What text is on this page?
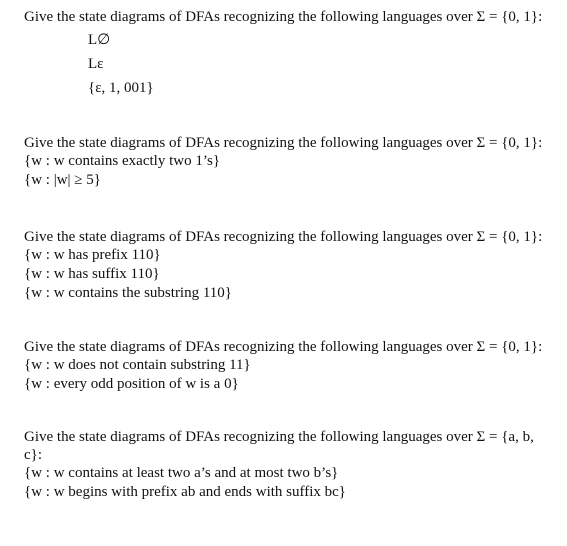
Give the state diagrams of DFAs recognizing the following languages over Σ = {0, 1}:

L∅
Lε
{ε, 1, 001}

Give the state diagrams of DFAs recognizing the following languages over Σ = {0, 1}:

{w : w contains exactly two 1’s}
{w : |w| ≥ 5}

Give the state diagrams of DFAs recognizing the following languages over Σ = {0, 1}:

{w : w has prefix 110}
{w : w has suffix 110}
{w : w contains the substring 110}

Give the state diagrams of DFAs recognizing the following languages over Σ = {0, 1}:

{w : w does not contain substring 11}
{w : every odd position of w is a 0}

Give the state diagrams of DFAs recognizing the following languages over Σ = {a, b, c}:

{w : w contains at least two a’s and at most two b’s}
{w : w begins with prefix ab and ends with suffix bc}
